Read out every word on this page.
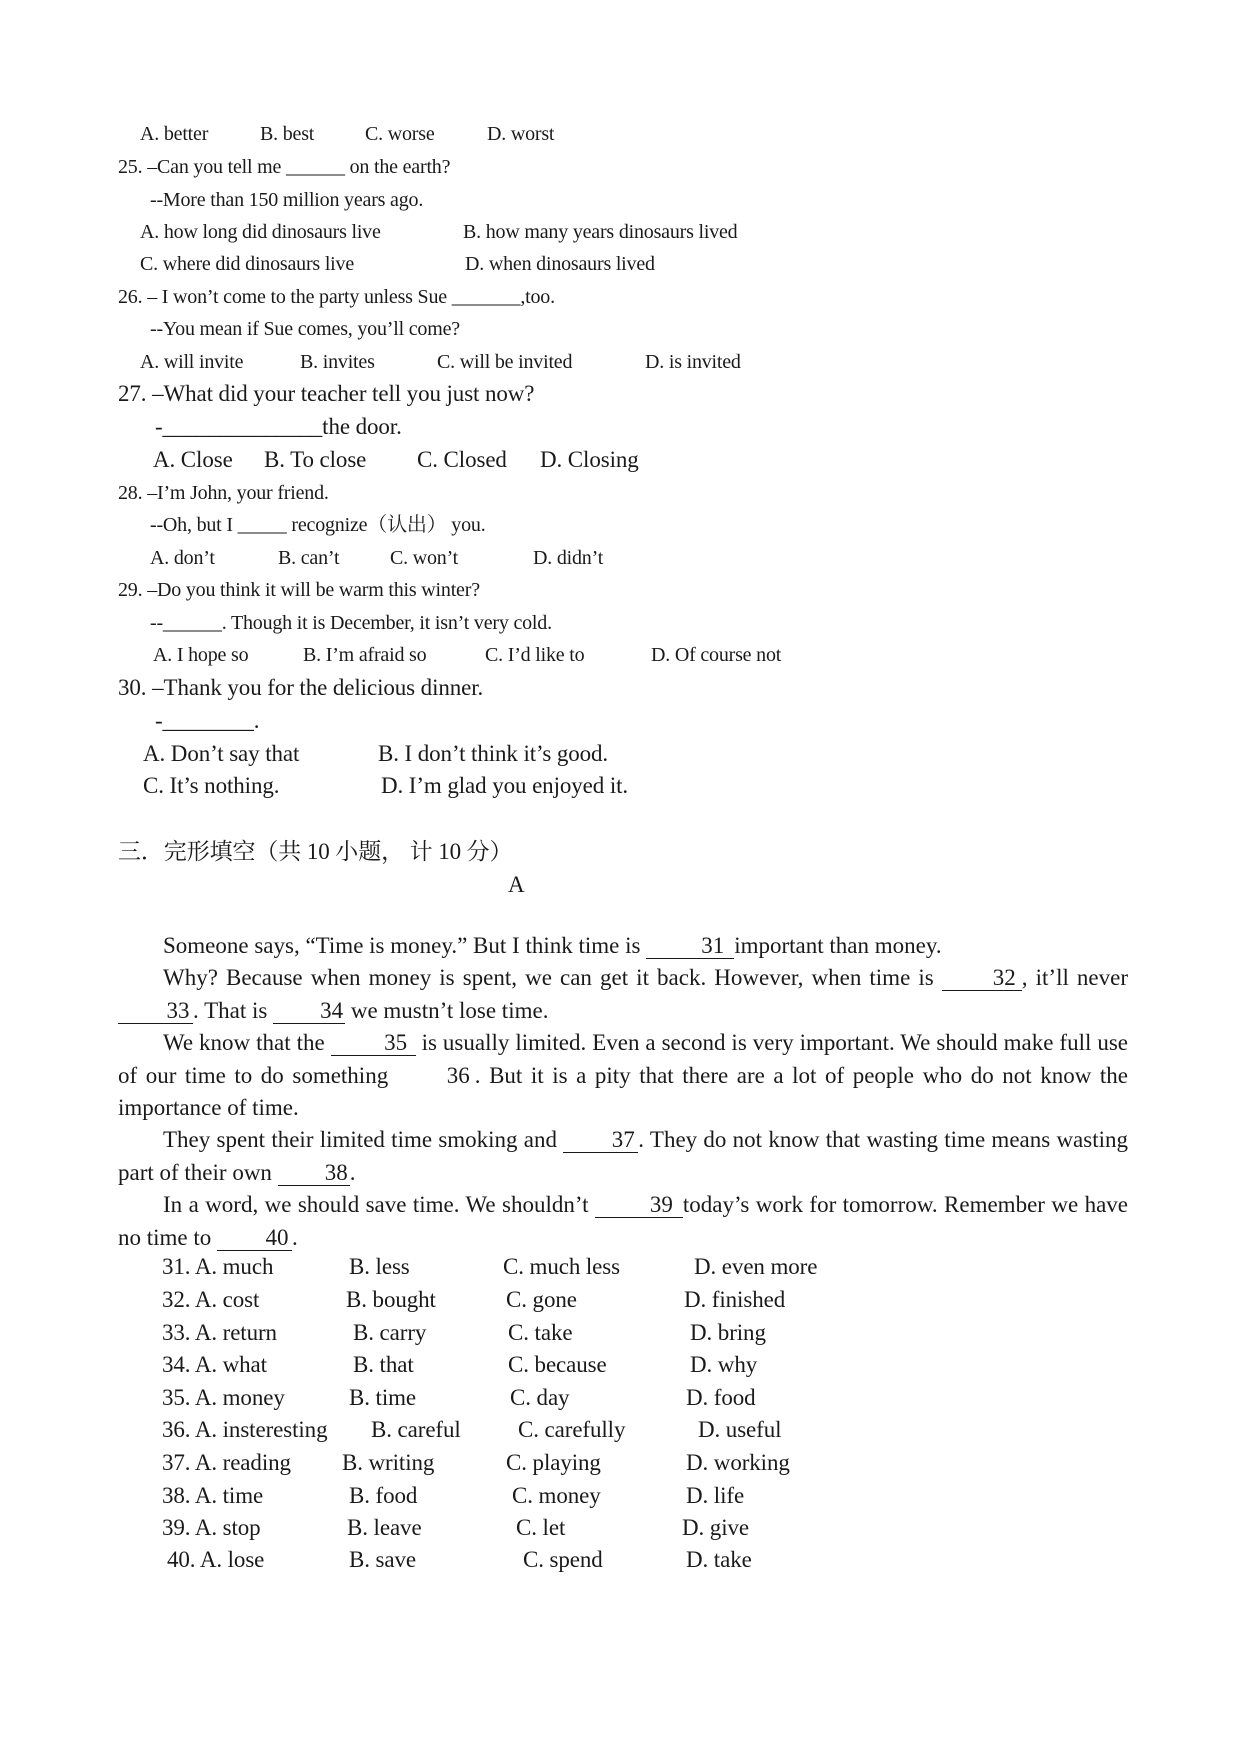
A. better	B. best	C. worse	D. worst
25. –Can you tell me ______ on the earth?
--More than 150 million years ago.
A. how long did dinosaurs live	B. how many years dinosaurs lived
C. where did dinosaurs live	D. when dinosaurs lived
26. – I won’t come to the party unless Sue _______,too.
--You mean if Sue comes, you’ll come?
A. will invite	B. invites	C. will be invited	D. is invited
27. –What did your teacher tell you just now?
-______________the door.
A. Close B. To close C. Closed D. Closing
28. –I’m John, your friend.
--Oh, but I _____ recognize（认出） you.
A. don’t	B. can’t	C. won’t	D. didn’t
29. –Do you think it will be warm this winter?
--______. Though it is December, it isn’t very cold.
A. I hope so	B. I’m afraid so	C. I’d like to	D. Of course not
30. –Thank you for the delicious dinner.
-________.
A. Don’t say that	B. I don’t think it’s good.
C. It’s nothing.	D. I’m glad you enjoyed it.
三．完形填空（共 10 小题， 计 10 分）
A
Someone says, “Time is money.” But I think time is 31 important than money.
Why? Because when money is spent, we can get it back. However, when time is 32 , it’ll never 33 . That is 34 we mustn’t lose time.
We know that the 35 is usually limited. Even a second is very important. We should make full use of our time to do something 36 . But it is a pity that there are a lot of people who do not know the importance of time.
They spent their limited time smoking and 37 . They do not know that wasting time means wasting part of their own 38.
In a word, we should save time. We shouldn’t 39 today’s work for tomorrow. Remember we have no time to 40 .
31. A. much	B. less	C. much less	D. even more
32. A. cost	B. bought	C. gone	D. finished
33. A. return	B. carry	C. take	D. bring
34. A. what	B. that	C. because	D. why
35. A. money	B. time	C. day	D. food
36. A. insteresting B. careful C. carefully	D. useful
37. A. reading B. writing	C. playing	D. working
38. A. time	B. food	C. money	D. life
39. A. stop	B. leave	C. let	D. give
40. A. lose	B. save	C. spend	D. take
